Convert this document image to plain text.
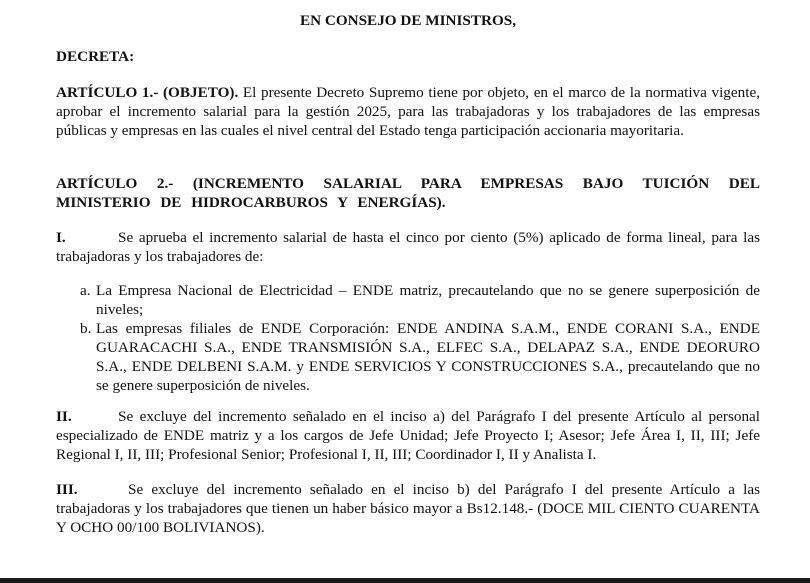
EN CONSEJO DE MINISTROS,
DECRETA:
ARTÍCULO 1.- (OBJETO). El presente Decreto Supremo tiene por objeto, en el marco de la normativa vigente, aprobar el incremento salarial para la gestión 2025, para las trabajadoras y los trabajadores de las empresas públicas y empresas en las cuales el nivel central del Estado tenga participación accionaria mayoritaria.
ARTÍCULO 2.- (INCREMENTO SALARIAL PARA EMPRESAS BAJO TUICIÓN DEL MINISTERIO DE HIDROCARBUROS Y ENERGÍAS).
I.	Se aprueba el incremento salarial de hasta el cinco por ciento (5%) aplicado de forma lineal, para las trabajadoras y los trabajadores de:
a. La Empresa Nacional de Electricidad – ENDE matriz, precautelando que no se genere superposición de niveles;
b. Las empresas filiales de ENDE Corporación: ENDE ANDINA S.A.M., ENDE CORANI S.A., ENDE GUARACACHI S.A., ENDE TRANSMISIÓN S.A., ELFEC S.A., DELAPAZ S.A., ENDE DEORURO S.A., ENDE DELBENI S.A.M. y ENDE SERVICIOS Y CONSTRUCCIONES S.A., precautelando que no se genere superposición de niveles.
II.	Se excluye del incremento señalado en el inciso a) del Parágrafo I del presente Artículo al personal especializado de ENDE matriz y a los cargos de Jefe Unidad; Jefe Proyecto I; Asesor; Jefe Área I, II, III; Jefe Regional I, II, III; Profesional Senior; Profesional I, II, III; Coordinador I, II y Analista I.
III.	Se excluye del incremento señalado en el inciso b) del Parágrafo I del presente Artículo a las trabajadoras y los trabajadores que tienen un haber básico mayor a Bs12.148.- (DOCE MIL CIENTO CUARENTA Y OCHO 00/100 BOLIVIANOS).
